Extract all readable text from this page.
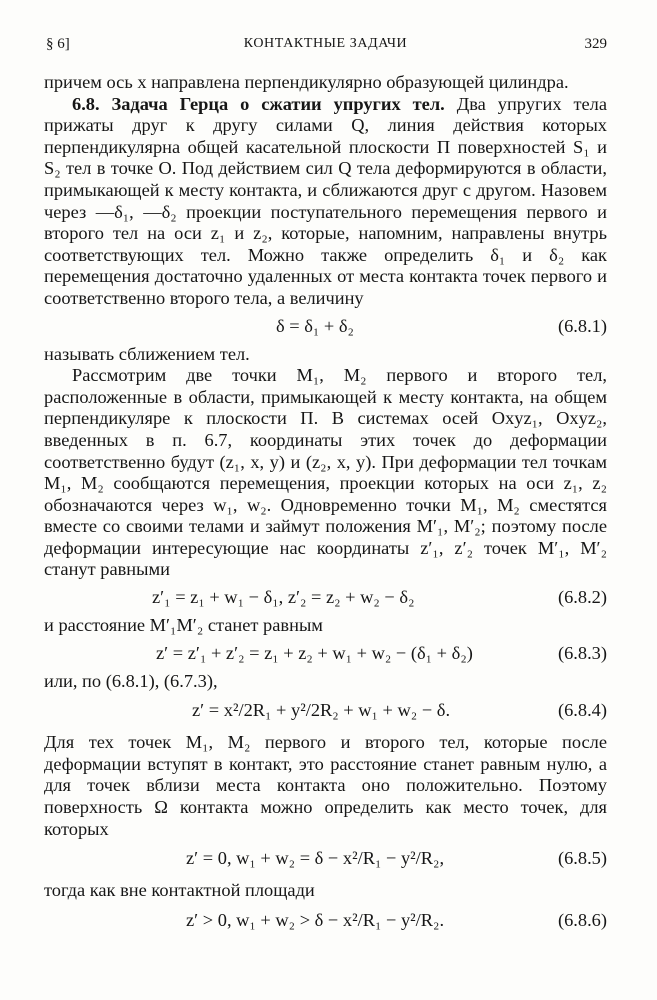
§ 6]	КОНТАКТНЫЕ ЗАДАЧИ	329

причем ось x направлена перпендикулярно образующей цилиндра.

6.8. Задача Герца о сжатии упругих тел. Два упругих тела прижаты друг к другу силами Q, линия действия которых перпендикулярна общей касательной плоскости П поверхностей S₁ и S₂ тел в точке O. Под действием сил Q тела деформируются в области, примыкающей к месту контакта, и сближаются друг с другом. Назовем через —δ₁, —δ₂ проекции поступательного перемещения первого и второго тел на оси z₁ и z₂, которые, напомним, направлены внутрь соответствующих тел. Можно также определить δ₁ и δ₂ как перемещения достаточно удаленных от места контакта точек первого и соответственно второго тела, а величину

δ = δ₁ + δ₂	(6.8.1)

называть сближением тел.

Рассмотрим две точки M₁, M₂ первого и второго тел, расположенные в области, примыкающей к месту контакта, на общем перпендикуляре к плоскости П. В системах осей Oxyz₁, Oxyz₂, введенных в п. 6.7, координаты этих точек до деформации соответственно будут (z₁, x, y) и (z₂, x, y). При деформации тел точкам M₁, M₂ сообщаются перемещения, проекции которых на оси z₁, z₂ обозначаются через w₁, w₂. Одновременно точки M₁, M₂ сместятся вместе со своими телами и займут положения M′₁, M′₂; поэтому после деформации интересующие нас координаты z′₁, z′₂ точек M′₁, M′₂ станут равными

z′₁ = z₁ + w₁ − δ₁, z′₂ = z₂ + w₂ − δ₂	(6.8.2)

и расстояние M′₁M′₂ станет равным

z′ = z′₁ + z′₂ = z₁ + z₂ + w₁ + w₂ − (δ₁ + δ₂)	(6.8.3)

или, по (6.8.1), (6.7.3),

z′ = x²/2R₁ + y²/2R₂ + w₁ + w₂ − δ.	(6.8.4)

Для тех точек M₁, M₂ первого и второго тел, которые после деформации вступят в контакт, это расстояние станет равным нулю, а для точек вблизи места контакта оно положительно. Поэтому поверхность Ω контакта можно определить как место точек, для которых

z′ = 0, w₁ + w₂ = δ − x²/R₁ − y²/R₂,	(6.8.5)

тогда как вне контактной площади

z′ > 0, w₁ + w₂ > δ − x²/R₁ − y²/R₂.	(6.8.6)
